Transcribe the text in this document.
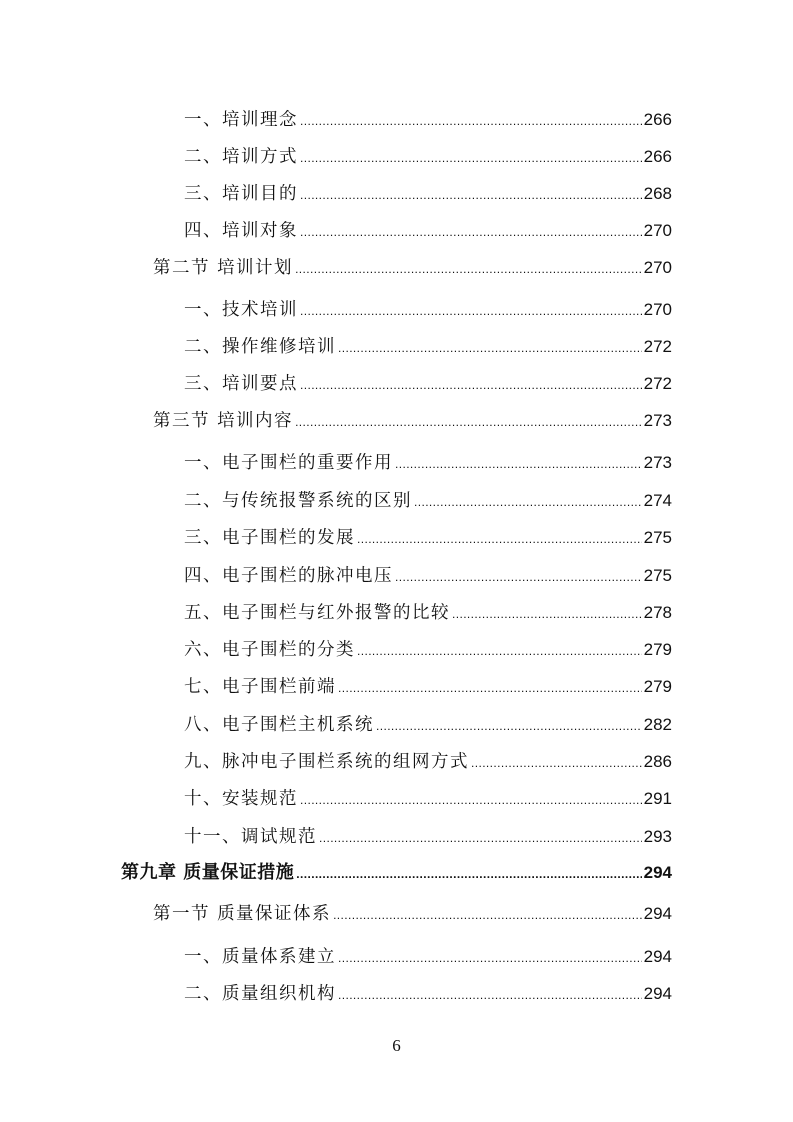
一、培训理念 .....	266
二、培训方式 .....	266
三、培训目的 .....	268
四、培训对象 .....	270
第二节 培训计划 .....	270
一、技术培训 .....	270
二、操作维修培训 .....	272
三、培训要点 .....	272
第三节 培训内容 .....	273
一、电子围栏的重要作用 .....	273
二、与传统报警系统的区别 .....	274
三、电子围栏的发展 .....	275
四、电子围栏的脉冲电压 .....	275
五、电子围栏与红外报警的比较 .....	278
六、电子围栏的分类 .....	279
七、电子围栏前端 .....	279
八、电子围栏主机系统 .....	282
九、脉冲电子围栏系统的组网方式 .....	286
十、安装规范 .....	291
十一、调试规范 .....	293
第九章 质量保证措施 .....	294
第一节 质量保证体系 .....	294
一、质量体系建立 .....	294
二、质量组织机构 .....	294
6
